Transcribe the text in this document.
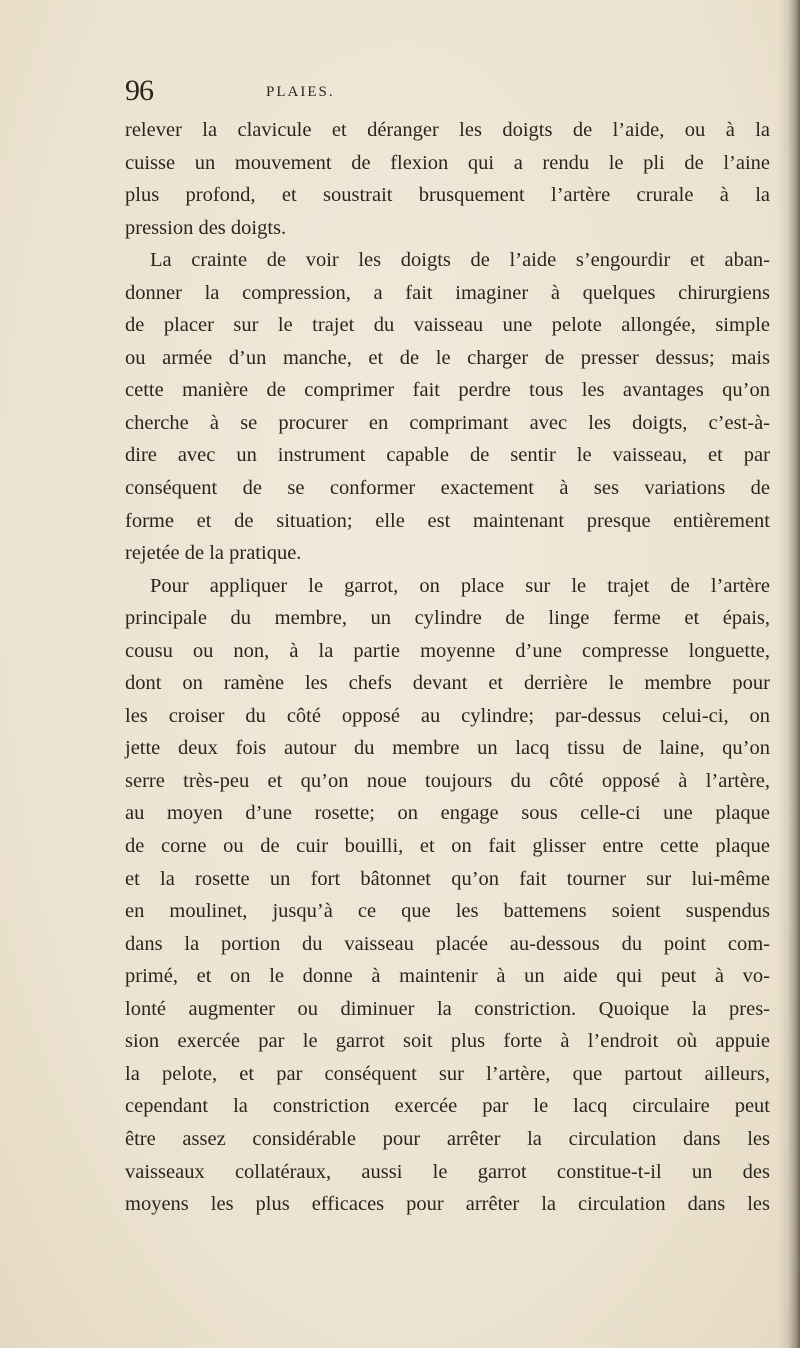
96	PLAIES.
relever la clavicule et déranger les doigts de l’aide, ou à la
cuisse un mouvement de flexion qui a rendu le pli de l’aine
plus profond, et soustrait brusquement l’artère crurale à la
pression des doigts.
La crainte de voir les doigts de l’aide s’engourdir et aban-
donner la compression, a fait imaginer à quelques chirurgiens
de placer sur le trajet du vaisseau une pelote allongée, simple
ou armée d’un manche, et de le charger de presser dessus; mais
cette manière de comprimer fait perdre tous les avantages qu’on
cherche à se procurer en comprimant avec les doigts, c’est-à-
dire avec un instrument capable de sentir le vaisseau, et par
conséquent de se conformer exactement à ses variations de
forme et de situation; elle est maintenant presque entièrement
rejetée de la pratique.
Pour appliquer le garrot, on place sur le trajet de l’artère
principale du membre, un cylindre de linge ferme et épais,
cousu ou non, à la partie moyenne d’une compresse longuette,
dont on ramène les chefs devant et derrière le membre pour
les croiser du côté opposé au cylindre; par-dessus celui-ci, on
jette deux fois autour du membre un lacq tissu de laine, qu’on
serre très-peu et qu’on noue toujours du côté opposé à l’artère,
au moyen d’une rosette; on engage sous celle-ci une plaque
de corne ou de cuir bouilli, et on fait glisser entre cette plaque
et la rosette un fort bâtonnet qu’on fait tourner sur lui-même
en moulinet, jusqu’à ce que les battemens soient suspendus
dans la portion du vaisseau placée au-dessous du point com-
primé, et on le donne à maintenir à un aide qui peut à vo-
lonté augmenter ou diminuer la constriction. Quoique la pres-
sion exercée par le garrot soit plus forte à l’endroit où appuie
la pelote, et par conséquent sur l’artère, que partout ailleurs,
cependant la constriction exercée par le lacq circulaire peut
être assez considérable pour arrêter la circulation dans les
vaisseaux collatéraux, aussi le garrot constitue-t-il un des
moyens les plus efficaces pour arrêter la circulation dans les
